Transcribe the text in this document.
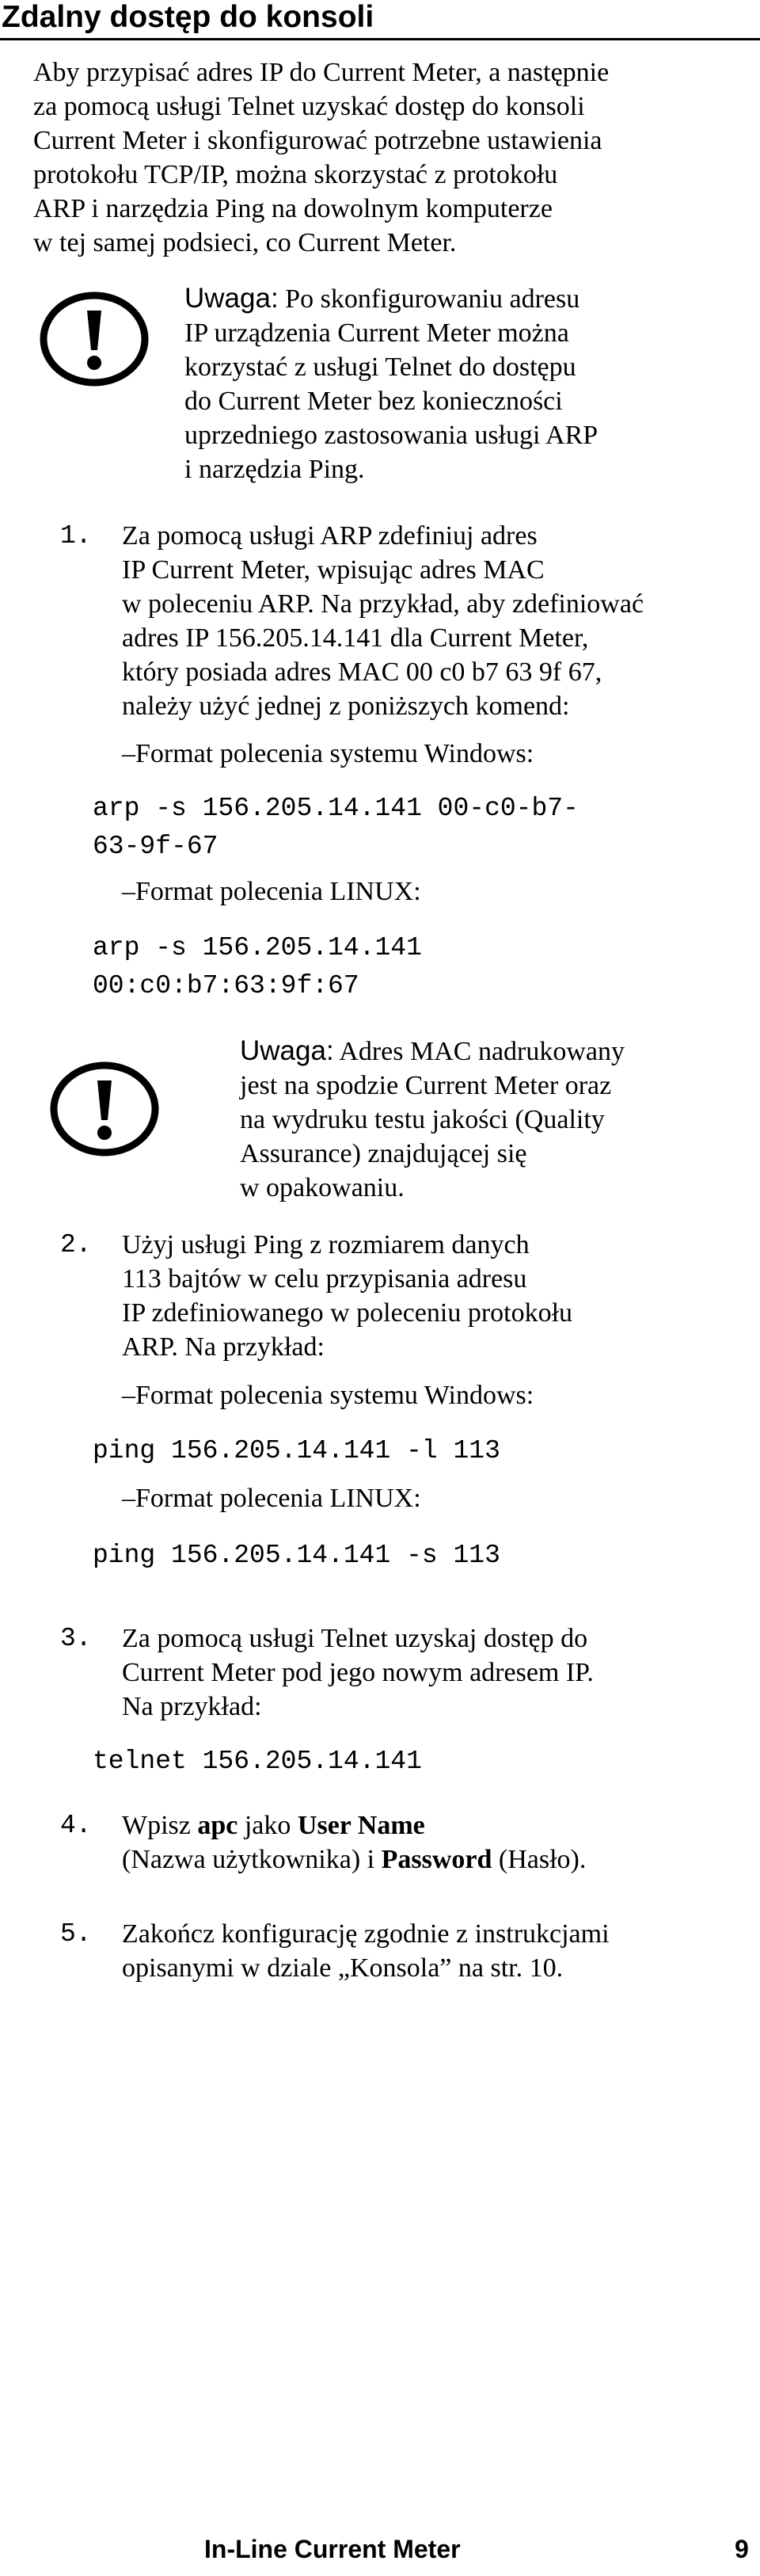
Zdalny dostęp do konsoli
Aby przypisać adres IP do Current Meter, a następnie
za pomocą usługi Telnet uzyskać dostęp do konsoli
Current Meter i skonfigurować potrzebne ustawienia
protokołu TCP/IP, można skorzystać z protokołu
ARP i narzędzia Ping na dowolnym komputerze
w tej samej podsieci, co Current Meter.
Uwaga: Po skonfigurowaniu adresu
IP urządzenia Current Meter można
korzystać z usługi Telnet do dostępu
do Current Meter bez konieczności
uprzedniego zastosowania usługi ARP
i narzędzia Ping.
1. Za pomocą usługi ARP zdefiniuj adres
IP Current Meter, wpisując adres MAC
w poleceniu ARP. Na przykład, aby zdefiniować
adres IP 156.205.14.141 dla Current Meter,
który posiada adres MAC 00 c0 b7 63 9f 67,
należy użyć jednej z poniższych komend:
–Format polecenia systemu Windows:
arp -s 156.205.14.141 00-c0-b7-
63-9f-67
–Format polecenia LINUX:
arp -s 156.205.14.141
00:c0:b7:63:9f:67
Uwaga: Adres MAC nadrukowany
jest na spodzie Current Meter oraz
na wydruku testu jakości (Quality
Assurance) znajdującej się
w opakowaniu.
2. Użyj usługi Ping z rozmiarem danych
113 bajtów w celu przypisania adresu
IP zdefiniowanego w poleceniu protokołu
ARP. Na przykład:
–Format polecenia systemu Windows:
ping 156.205.14.141 -l 113
–Format polecenia LINUX:
ping 156.205.14.141 -s 113
3. Za pomocą usługi Telnet uzyskaj dostęp do
Current Meter pod jego nowym adresem IP.
Na przykład:
telnet 156.205.14.141
4. Wpisz apc jako User Name
(Nazwa użytkownika) i Password (Hasło).
5. Zakończ konfigurację zgodnie z instrukcjami
opisanymi w dziale „Konsola” na str. 10.
In-Line Current Meter	9
